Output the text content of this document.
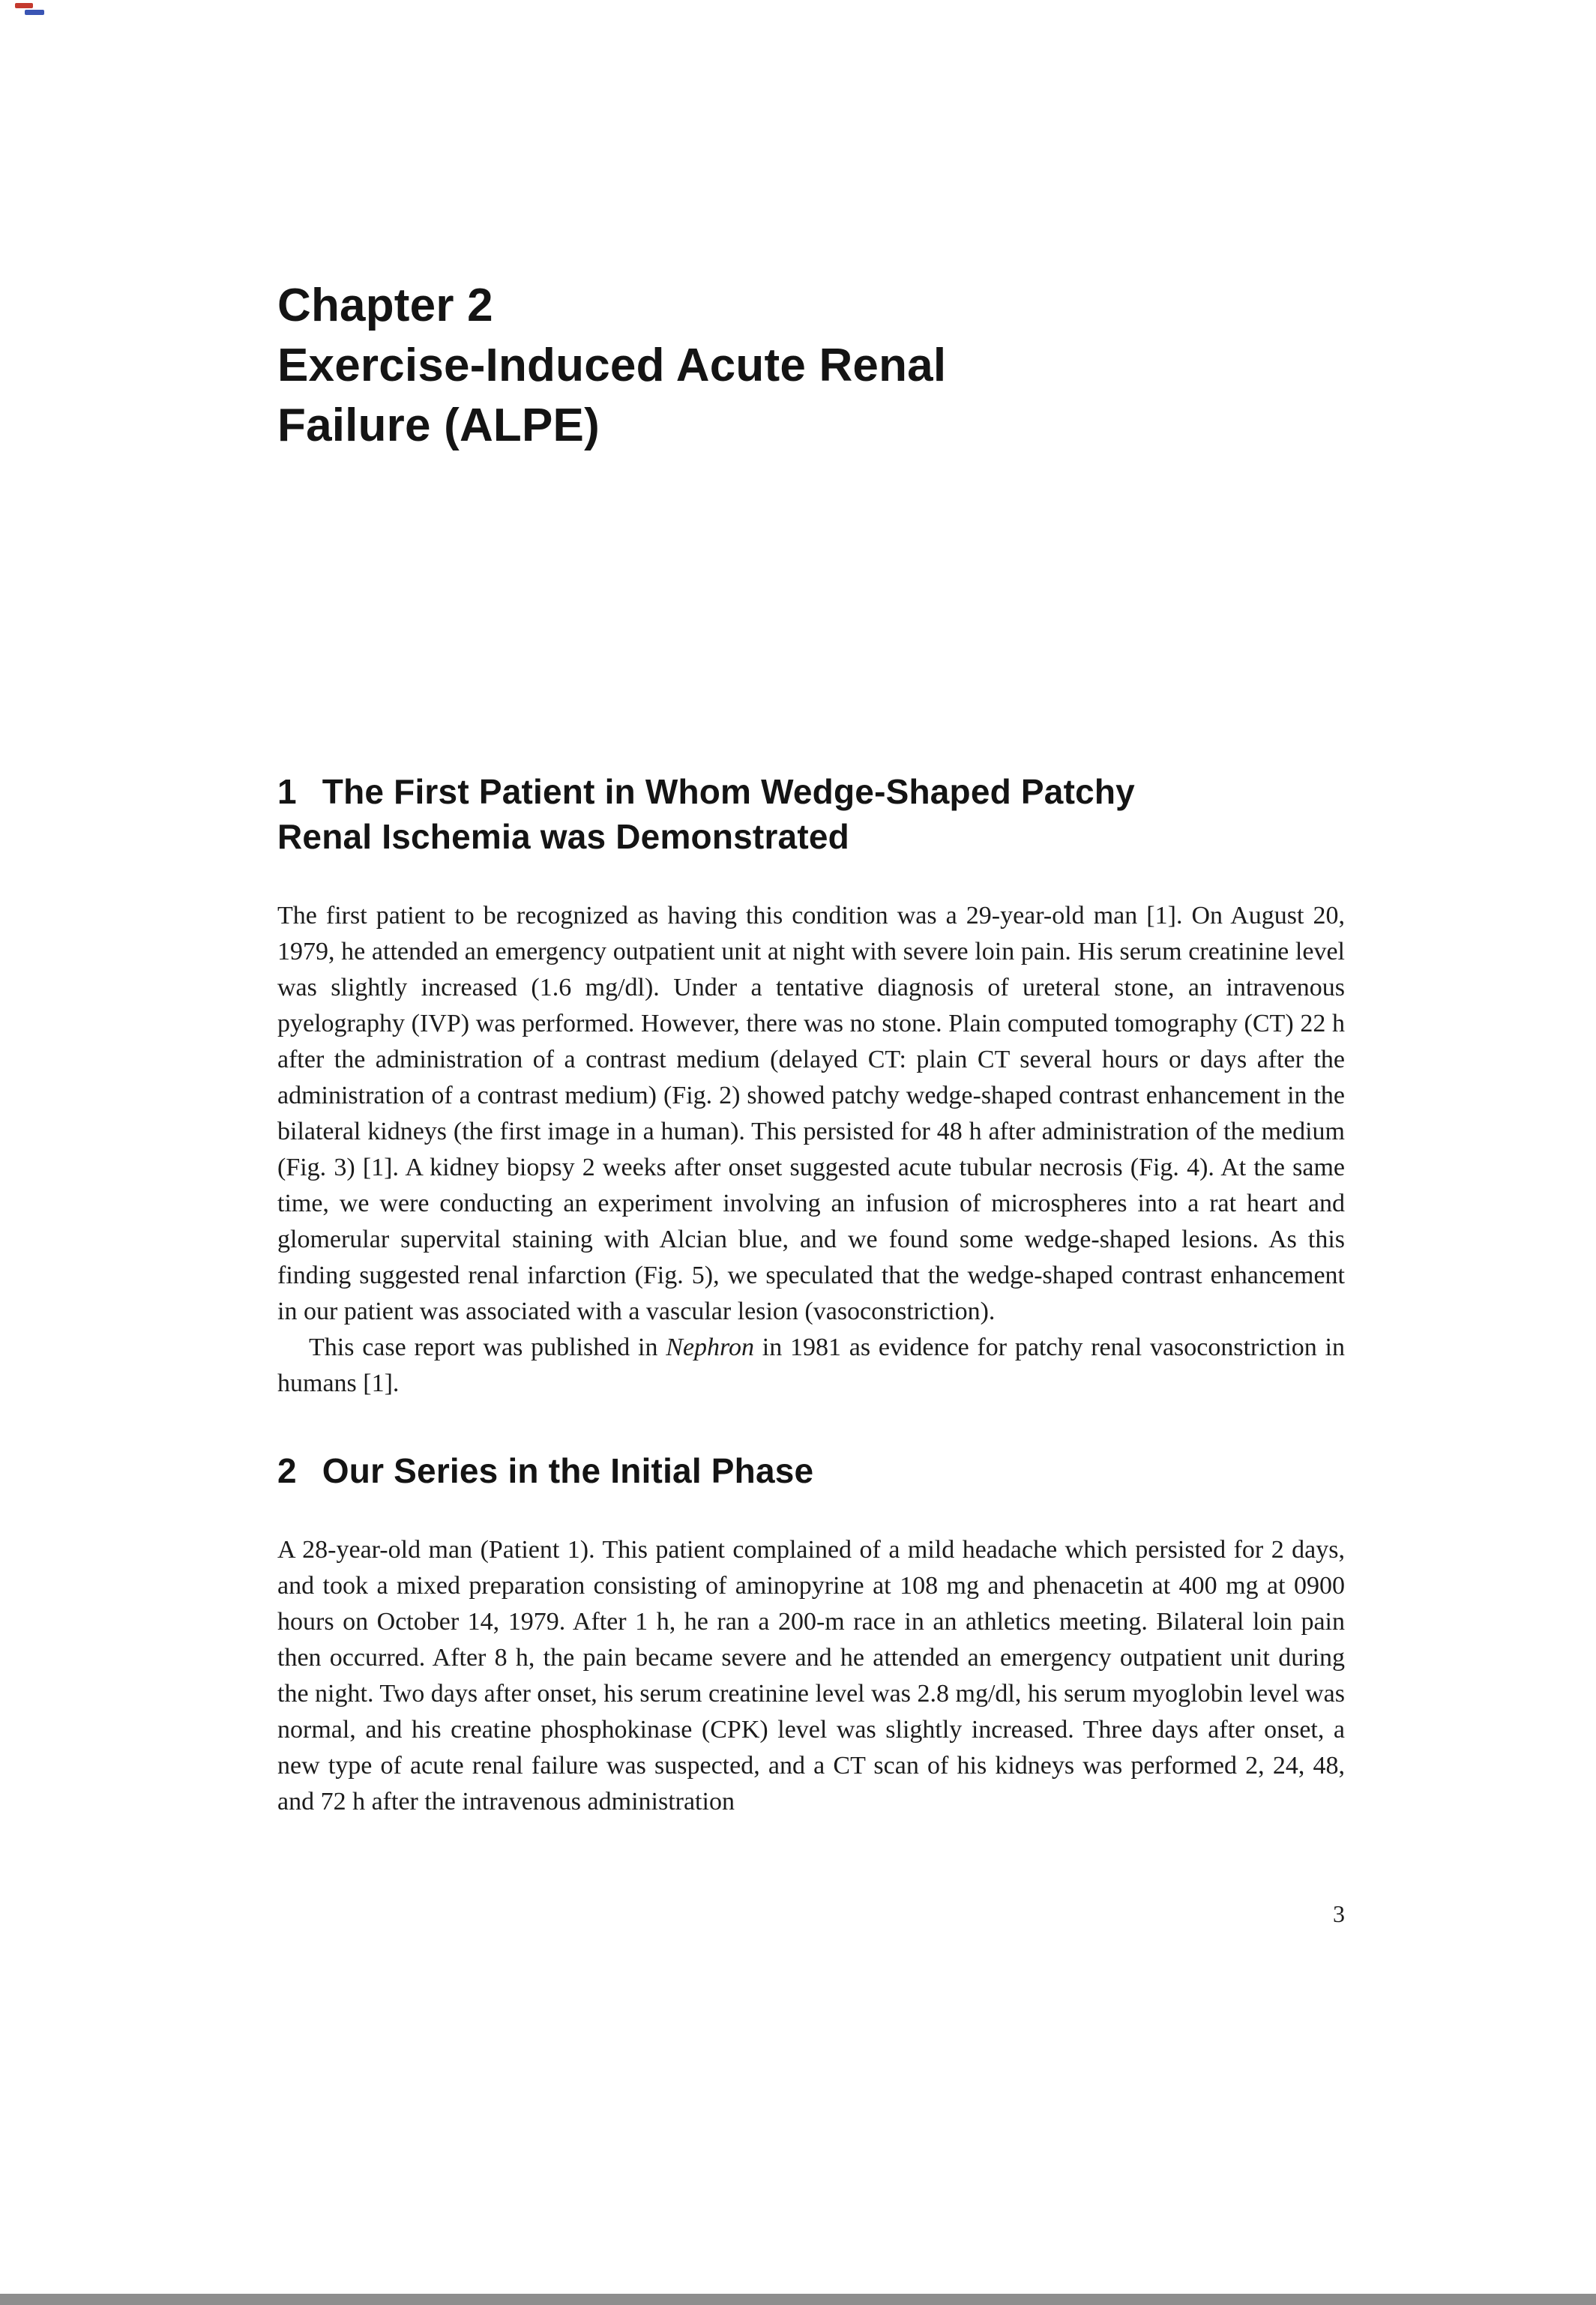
Chapter 2
Exercise-Induced Acute Renal
Failure (ALPE)
1 The First Patient in Whom Wedge-Shaped Patchy
Renal Ischemia was Demonstrated

The first patient to be recognized as having this condition was a 29-year-old man [1]. On August 20, 1979, he attended an emergency outpatient unit at night with severe loin pain. His serum creatinine level was slightly increased (1.6 mg/dl). Under a tentative diagnosis of ureteral stone, an intravenous pyelography (IVP) was performed. However, there was no stone. Plain computed tomography (CT) 22 h after the administration of a contrast medium (delayed CT: plain CT several hours or days after the administration of a contrast medium) (Fig. 2) showed patchy wedge-shaped contrast enhancement in the bilateral kidneys (the first image in a human). This persisted for 48 h after administration of the medium (Fig. 3) [1]. A kidney biopsy 2 weeks after onset suggested acute tubular necrosis (Fig. 4). At the same time, we were conducting an experiment involving an infusion of microspheres into a rat heart and glomerular supervital staining with Alcian blue, and we found some wedge-shaped lesions. As this finding suggested renal infarction (Fig. 5), we speculated that the wedge-shaped contrast enhancement in our patient was associated with a vascular lesion (vasoconstriction).

This case report was published in Nephron in 1981 as evidence for patchy renal vasoconstriction in humans [1].

2 Our Series in the Initial Phase

A 28-year-old man (Patient 1). This patient complained of a mild headache which persisted for 2 days, and took a mixed preparation consisting of aminopyrine at 108 mg and phenacetin at 400 mg at 0900 hours on October 14, 1979. After 1 h, he ran a 200-m race in an athletics meeting. Bilateral loin pain then occurred. After 8 h, the pain became severe and he attended an emergency outpatient unit during the night. Two days after onset, his serum creatinine level was 2.8 mg/dl, his serum myoglobin level was normal, and his creatine phosphokinase (CPK) level was slightly increased. Three days after onset, a new type of acute renal failure was suspected, and a CT scan of his kidneys was performed 2, 24, 48, and 72 h after the intravenous administration

3
